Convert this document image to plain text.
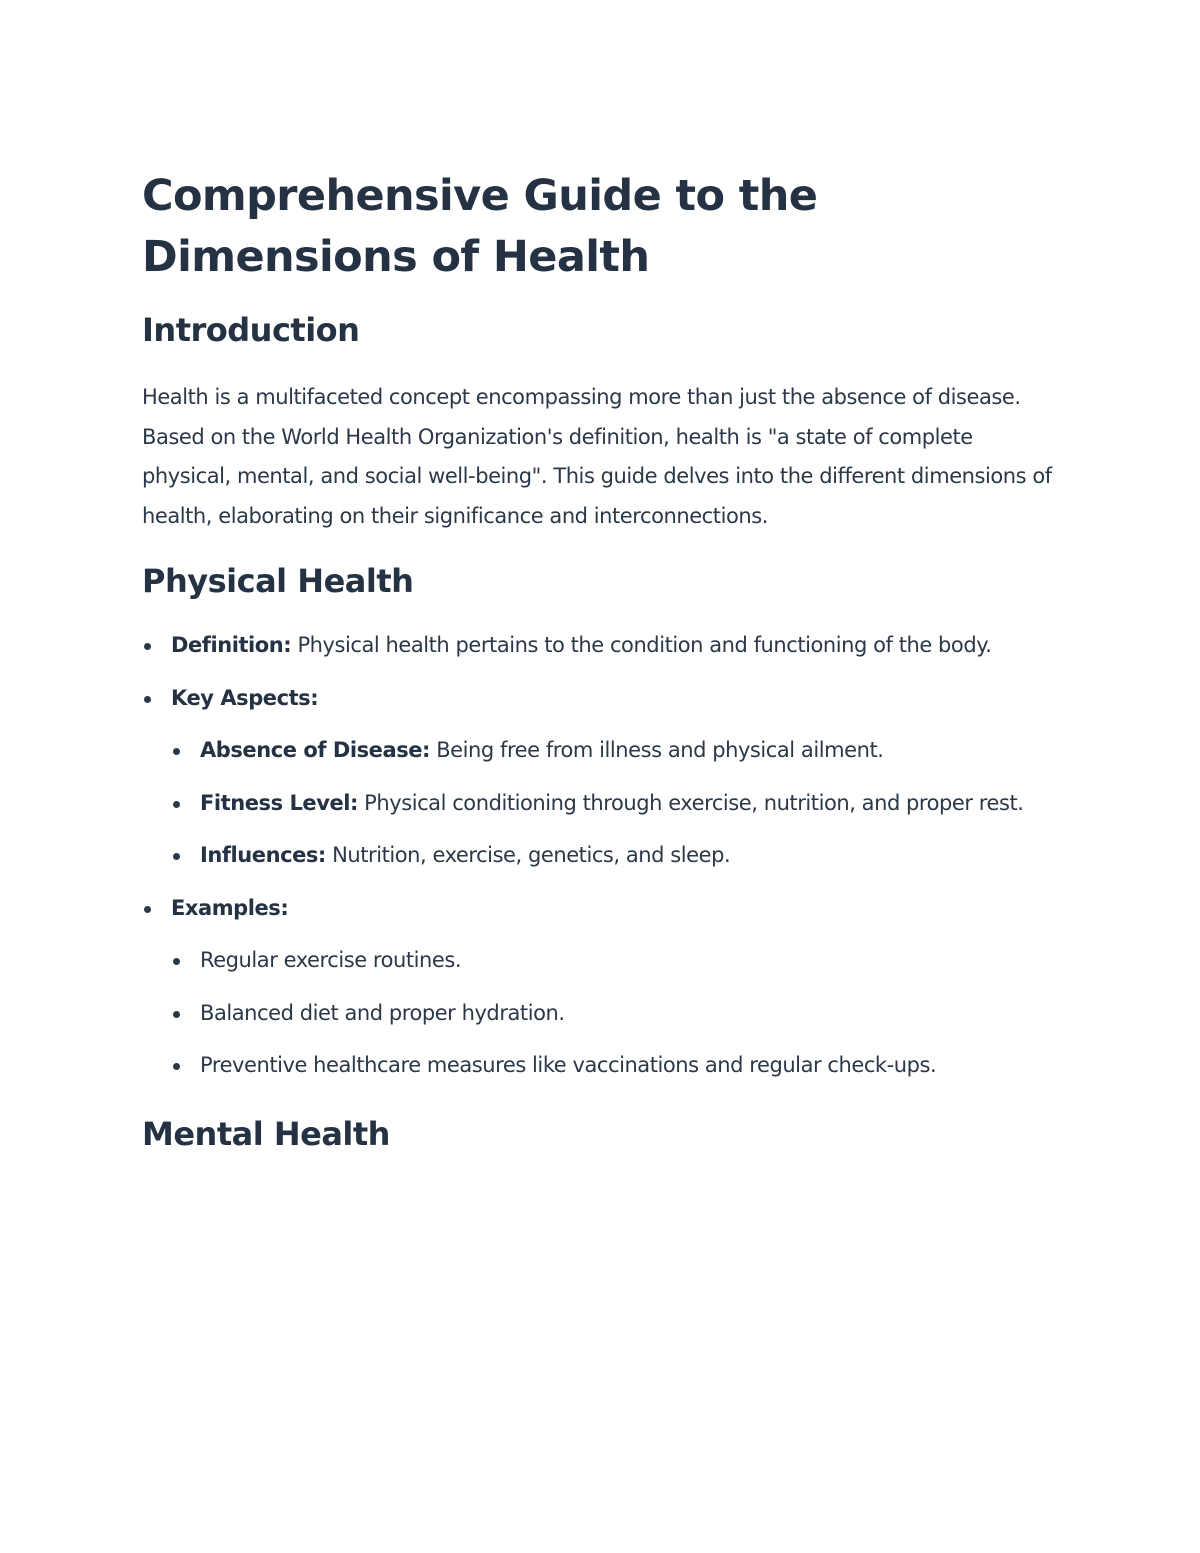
Comprehensive Guide to the Dimensions of Health
Introduction

Health is a multifaceted concept encompassing more than just the absence of disease. Based on the World Health Organization's definition, health is "a state of complete physical, mental, and social well-being". This guide delves into the different dimensions of health, elaborating on their significance and interconnections.

Physical Health
Definition: Physical health pertains to the condition and functioning of the body.
Key Aspects:
Absence of Disease: Being free from illness and physical ailment.
Fitness Level: Physical conditioning through exercise, nutrition, and proper rest.
Influences: Nutrition, exercise, genetics, and sleep.
Examples:
Regular exercise routines.
Balanced diet and proper hydration.
Preventive healthcare measures like vaccinations and regular check-ups.
Mental Health
